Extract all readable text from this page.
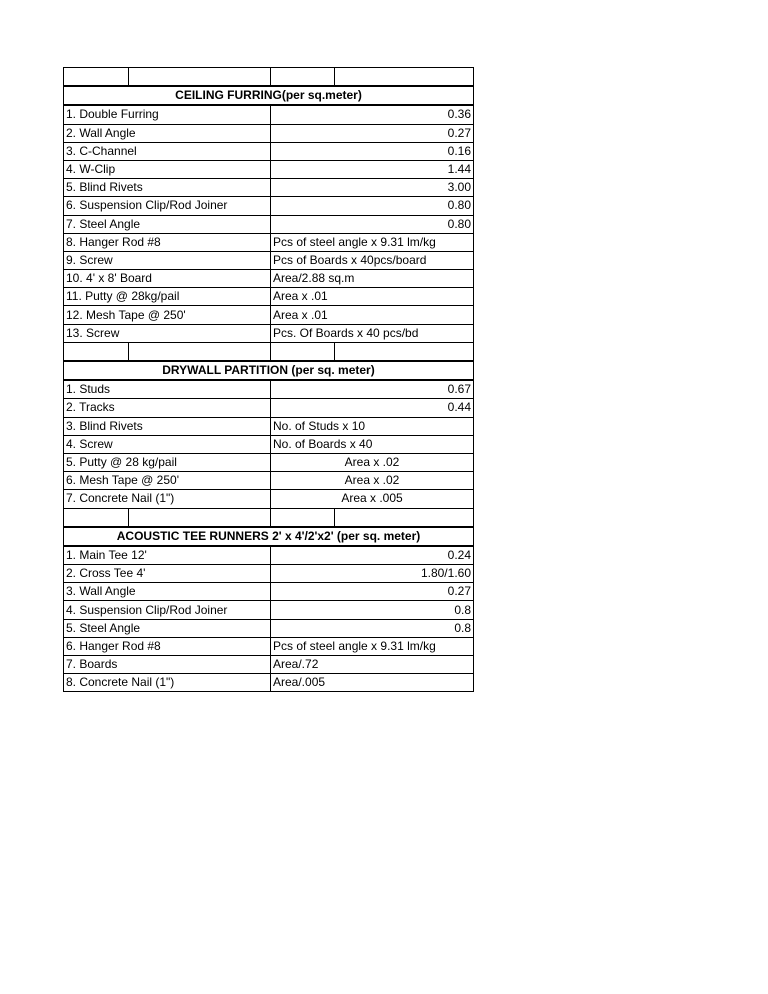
CEILING FURRING(per sq.meter)			
1. Double Furring		0.36	
2. Wall Angle		0.27	
3. C-Channel		0.16	
4. W-Clip		1.44	
5. Blind Rivets		3.00	
6. Suspension Clip/Rod Joiner		0.80	
7. Steel Angle		0.80	
8. Hanger Rod #8		Pcs of steel angle x 9.31 lm/kg	
9. Screw		Pcs of Boards x 40pcs/board	
10. 4' x 8' Board		Area/2.88 sq.m	
11. Putty @ 28kg/pail		Area x .01	
12. Mesh Tape @ 250'		Area x .01	
13. Screw		Pcs. Of Boards x 40 pcs/bd	

DRYWALL PARTITION (per sq. meter)			
1. Studs		0.67	
2. Tracks		0.44	
3. Blind Rivets		No. of Studs x 10	
4. Screw		No. of Boards x 40	
5. Putty @ 28 kg/pail		Area x .02	
6. Mesh Tape @ 250'		Area x .02	
7. Concrete Nail (1")		Area x .005	

ACOUSTIC TEE RUNNERS 2' x 4'/2'x2' (per sq. meter)			
1. Main Tee 12'		0.24	
2. Cross Tee 4'		1.80/1.60	
3. Wall Angle		0.27	
4. Suspension Clip/Rod Joiner		0.8	
5. Steel Angle		0.8	
6. Hanger Rod #8		Pcs of steel angle x 9.31 lm/kg	
7. Boards		Area/.72	
8. Concrete Nail (1")		Area/.005	
